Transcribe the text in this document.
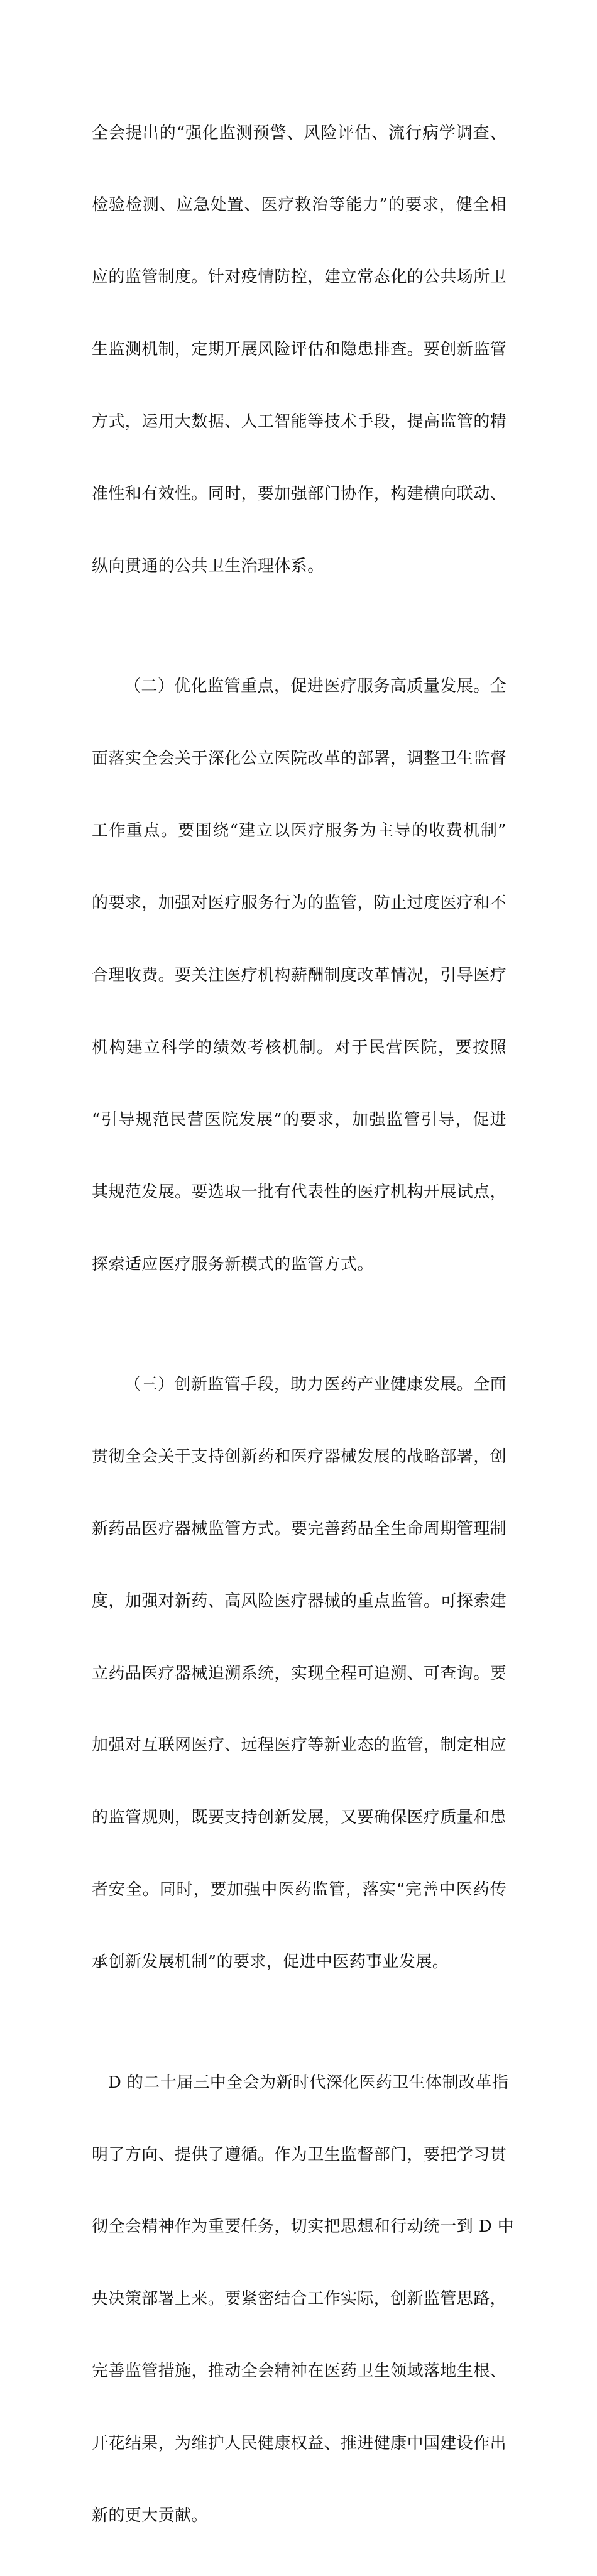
全会提出的“强化监测预警、风险评估、流行病学调查、

检验检测、应急处置、医疗救治等能力”的要求，健全相

应的监管制度。针对疫情防控，建立常态化的公共场所卫

生监测机制，定期开展风险评估和隐患排查。要创新监管

方式，运用大数据、人工智能等技术手段，提高监管的精

准性和有效性。同时，要加强部门协作，构建横向联动、

纵向贯通的公共卫生治理体系。

（二）优化监管重点，促进医疗服务高质量发展。全

面落实全会关于深化公立医院改革的部署，调整卫生监督

工作重点。要围绕“建立以医疗服务为主导的收费机制”

的要求，加强对医疗服务行为的监管，防止过度医疗和不

合理收费。要关注医疗机构薪酬制度改革情况，引导医疗

机构建立科学的绩效考核机制。对于民营医院，要按照

“引导规范民营医院发展”的要求，加强监管引导，促进

其规范发展。要选取一批有代表性的医疗机构开展试点，

探索适应医疗服务新模式的监管方式。

（三）创新监管手段，助力医药产业健康发展。全面

贯彻全会关于支持创新药和医疗器械发展的战略部署，创

新药品医疗器械监管方式。要完善药品全生命周期管理制

度，加强对新药、高风险医疗器械的重点监管。可探索建

立药品医疗器械追溯系统，实现全程可追溯、可查询。要

加强对互联网医疗、远程医疗等新业态的监管，制定相应

的监管规则，既要支持创新发展，又要确保医疗质量和患

者安全。同时，要加强中医药监管，落实“完善中医药传

承创新发展机制”的要求，促进中医药事业发展。

D 的二十届三中全会为新时代深化医药卫生体制改革指

明了方向、提供了遵循。作为卫生监督部门，要把学习贯

彻全会精神作为重要任务，切实把思想和行动统一到 D 中

央决策部署上来。要紧密结合工作实际，创新监管思路，

完善监管措施，推动全会精神在医药卫生领域落地生根、

开花结果，为维护人民健康权益、推进健康中国建设作出

新的更大贡献。
